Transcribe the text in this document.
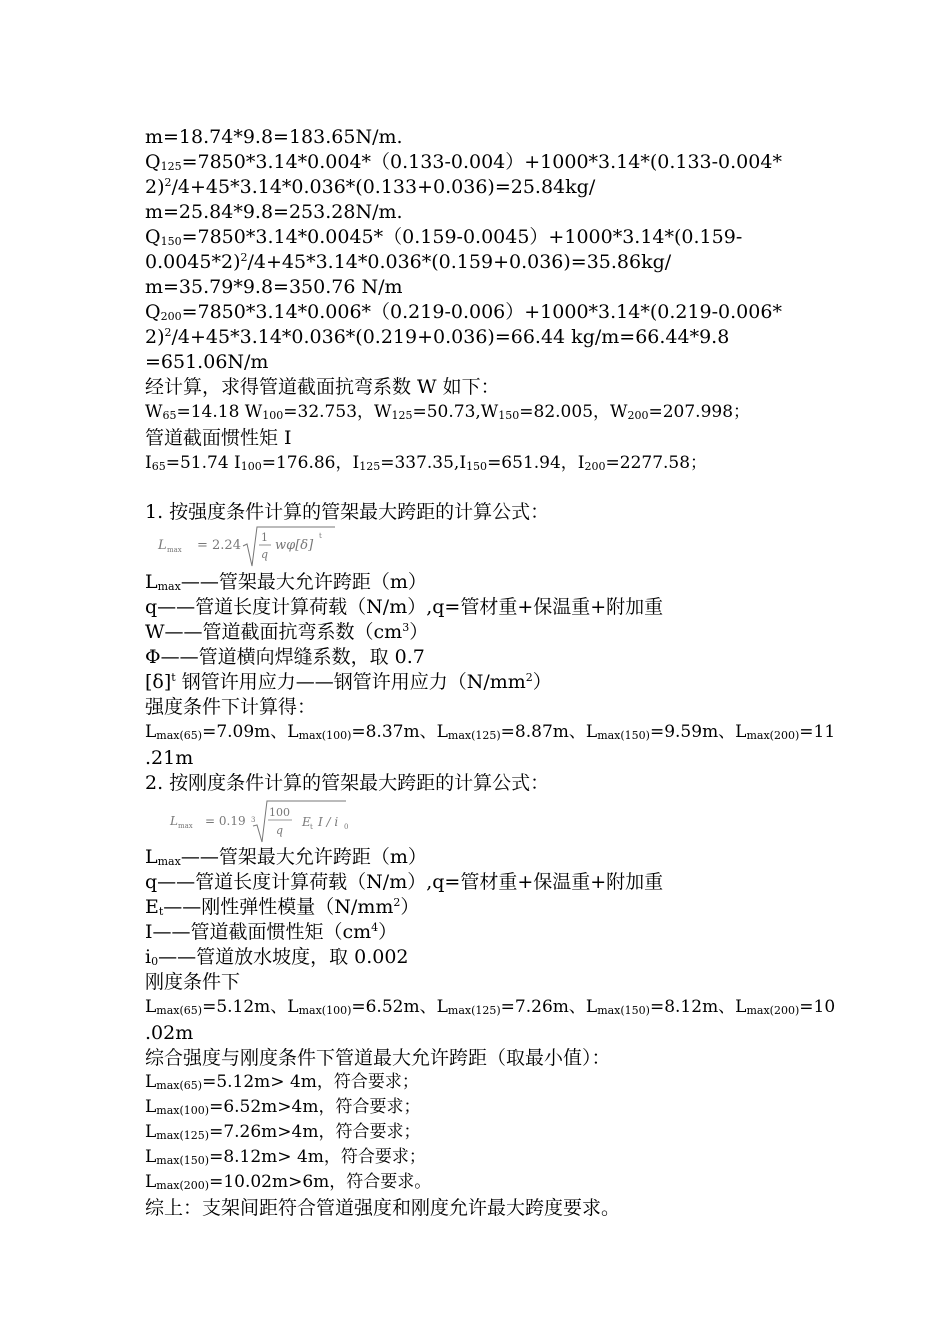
m=18.74*9.8=183.65N/m.
$Q_{125}=7850*3.14*0.004*(0.133-0.004)+1000*3.14*(0.133-0.004*$
2)$^2$/4+45*3.14*0.036*(0.133+0.036)=25.84kg/
m=25.84*9.8=253.28N/m.
$Q_{150}=7850*3.14*0.0045*(0.159-0.0045)+1000*3.14*(0.159-$
0.0045*2)$^2$/4+45*3.14*0.036*(0.159+0.036)=35.86kg/
m=35.79*9.8=350.76 N/m
$Q_{200}=7850*3.14*0.006*(0.219-0.006)+1000*3.14*(0.219-0.006*$
2)$^2$/4+45*3.14*0.036*(0.219+0.036)=66.44 kg/m=66.44*9.8
=651.06N/m
经计算，求得管道截面抗弯系数 W 如下：
$W_{65}=14.18$ $W_{100}=32.753$，$W_{125}=50.73,W_{150}=82.005$，$W_{200}=207.998$；
管道截面惯性矩 I
$I_{65}=51.74$ $I_{100}=176.86$，$I_{125}=337.35,I_{150}=651.94$，$I_{200}=2277.58$；
1. 按强度条件计算的管架最大跨距的计算公式：
$L_{max}——$管架最大允许跨距（m）
q——管道长度计算荷载（N/m）,q=管材重+保温重+附加重
W——管道截面抗弯系数$(cm^3)$
Φ——管道横向焊缝系数，取 0.7
$[\delta]^t$ 钢管许用应力——钢管许用应力$(N/mm^2)$
强度条件下计算得：
$L_{max(65)}=7.09m$、$L_{max(100)}=8.37m$、$L_{max(125)}=8.87m$、$L_{max(150)}=9.59m$、$L_{max(200)}=11$
.21m
2. 按刚度条件计算的管架最大跨距的计算公式：
$L_{max}——$管架最大允许跨距（m）
q——管道长度计算荷载（N/m）,q=管材重+保温重+附加重
$E_t——$刚性弹性模量$(N/mm^2)$
I——管道截面惯性矩$(cm^4)$
$i_0——$管道放水坡度，取 0.002
刚度条件下
$L_{max(65)}=5.12m$、$L_{max(100)}=6.52m$、$L_{max(125)}=7.26m$、$L_{max(150)}=8.12m$、$L_{max(200)}=10$
.02m
综合强度与刚度条件下管道最大允许跨距（取最小值）：
$L_{max(65)}=5.12m> 4m$，符合要求；
$L_{max(100)}=6.52m>4m$，符合要求；
$L_{max(125)}=7.26m>4m$，符合要求；
$L_{max(150)}=8.12m> 4m$，符合要求；
$L_{max(200)}=10.02m>6m$，符合要求。
综上：支架间距符合管道强度和刚度允许最大跨度要求。
L max = 2.24
1
q
wφ[δ]
t
L max = 0.19 3
100
q
E t I / i 0
